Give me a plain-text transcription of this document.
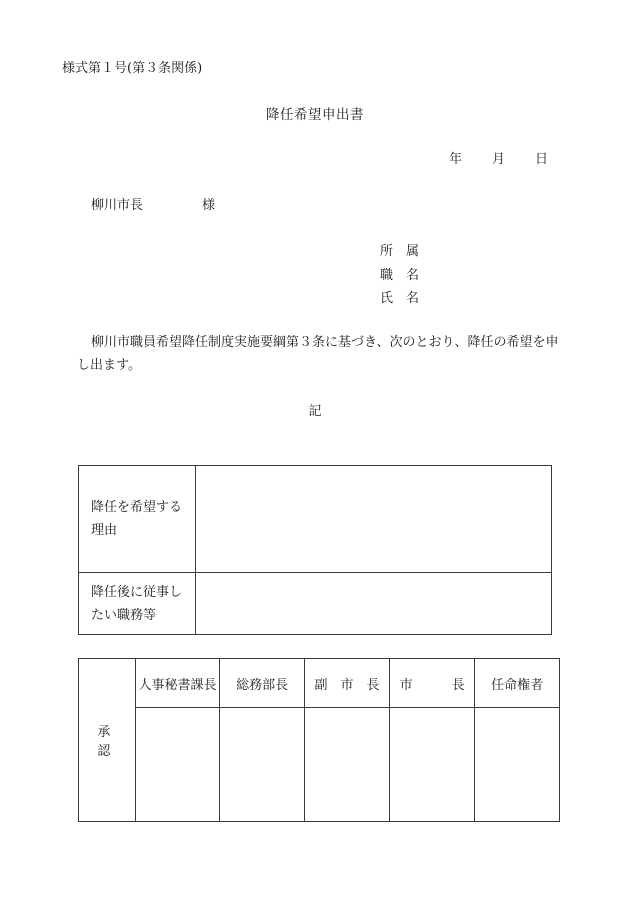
様式第１号(第３条関係)
降任希望申出書
年 月 日
柳川市長	様
所　属
職　名
氏　名
柳川市職員希望降任制度実施要綱第３条に基づき、次のとおり、降任の希望を申し出ます。
記
降任を希望する理由	
降任後に従事したい職務等	
承　認	人事秘書課長	総務部長	副　市　長	市　　　長	任命権者
